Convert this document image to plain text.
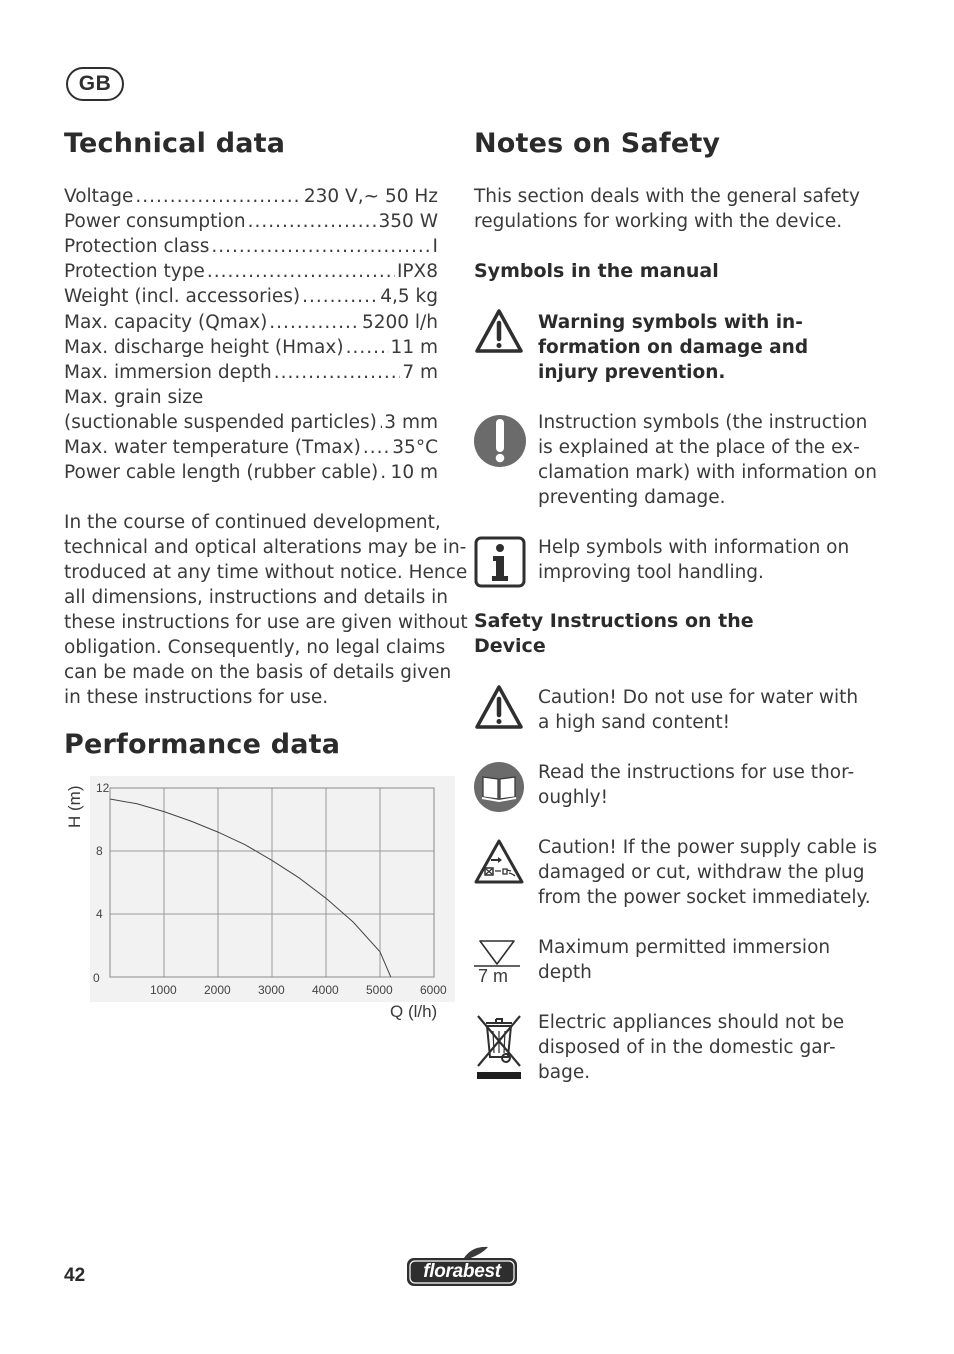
GB
Technical data
Voltage .....	230 V,~ 50 Hz
Power consumption .....	350 W
Protection class .....	I
Protection type .....	IPX8
Weight (incl. accessories) .....	4,5 kg
Max. capacity (Qmax) .....	5200 l/h
Max. discharge height (Hmax) .....	11 m
Max. immersion depth .....	7 m
Max. grain size
(suctionable suspended particles) ..... 3 mm
Max. water temperature (Tmax) ..... 35°C
Power cable length (rubber cable) ..... 10 m
In the course of continued development,
technical and optical alterations may be in-
troduced at any time without notice. Hence
all dimensions, instructions and details in
these instructions for use are given without
obligation. Consequently, no legal claims
can be made on the basis of details given
in these instructions for use.
Performance data
1000 2000 3000 4000 5000 6000
0
4
8
12
H (m)
Q (l/h)
Notes on Safety
This section deals with the general safety
regulations for working with the device.
Symbols in the manual
Warning symbols with in-
formation on damage and
injury prevention.
Instruction symbols (the instruction
is explained at the place of the ex-
clamation mark) with information on
preventing damage.
Help symbols with information on
improving tool handling.
Safety Instructions on the
Device
Caution! Do not use for water with
a high sand content!
Read the instructions for use thor-
oughly!
Caution! If the power supply cable is
damaged or cut, withdraw the plug
from the power socket immediately.
7 m
Maximum permitted immersion
depth
Electric appliances should not be
disposed of in the domestic gar-
bage.
42	florabest
